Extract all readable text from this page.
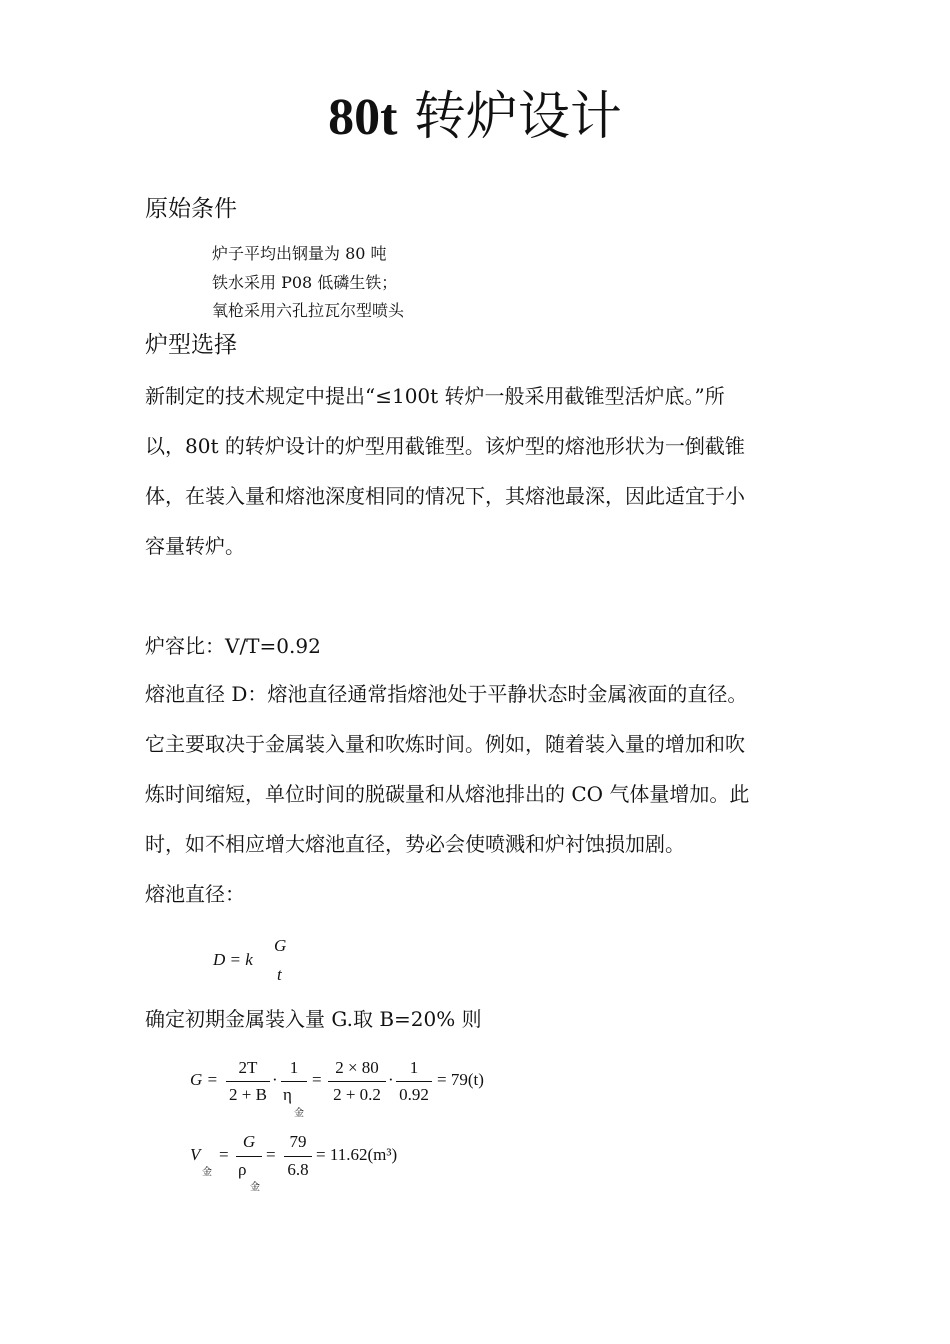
80t 转炉设计
原始条件
炉子平均出钢量为 80 吨
铁水采用 P08 低磷生铁；
氧枪采用六孔拉瓦尔型喷头
炉型选择
新制定的技术规定中提出“≤100t 转炉一般采用截锥型活炉底。”所
以，80t 的转炉设计的炉型用截锥型。该炉型的熔池形状为一倒截锥
体，在装入量和熔池深度相同的情况下，其熔池最深，因此适宜于小
容量转炉。
炉容比：V/T=0.92
熔池直径 D：熔池直径通常指熔池处于平静状态时金属液面的直径。
它主要取决于金属装入量和吹炼时间。例如，随着装入量的增加和吹
炼时间缩短，单位时间的脱碳量和从熔池排出的 CO 气体量增加。此
时，如不相应增大熔池直径，势必会使喷溅和炉衬蚀损加剧。
熔池直径：
D = k
G
t
确定初期金属装入量 G.取 B=20% 则
G =
2T
2 + B
·
1
η
金
=
2 × 80
2 + 0.2
·
1
0.92
= 79(t)
V
金
=
G
ρ
金
=
79
6.8
= 11.62(m³)
